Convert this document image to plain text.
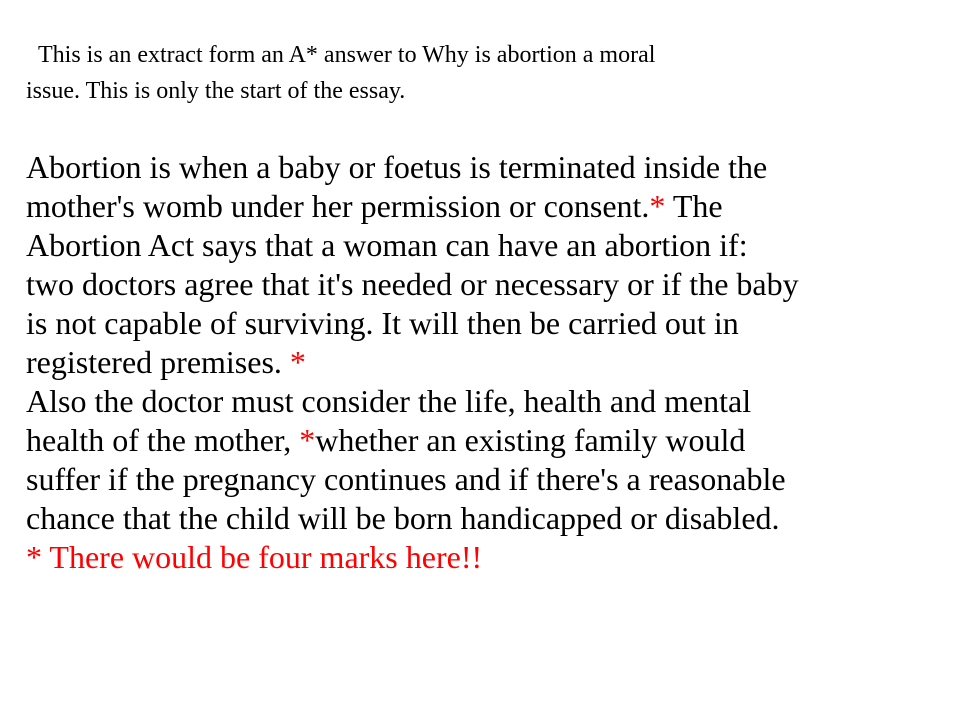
This is an extract form an A* answer to Why is abortion a moral
issue. This is only the start of the essay.
Abortion is when a baby or foetus is terminated inside the
mother's womb under her permission or consent.* The
Abortion Act says that a woman can have an abortion if:
two doctors agree that it's needed or necessary or if the baby
is not capable of surviving. It will then be carried out in
registered premises. *
Also the doctor must consider the life, health and mental
health of the mother, *whether an existing family would
suffer if the pregnancy continues and if there's a reasonable
chance that the child will be born handicapped or disabled.
* There would be four marks here!!
